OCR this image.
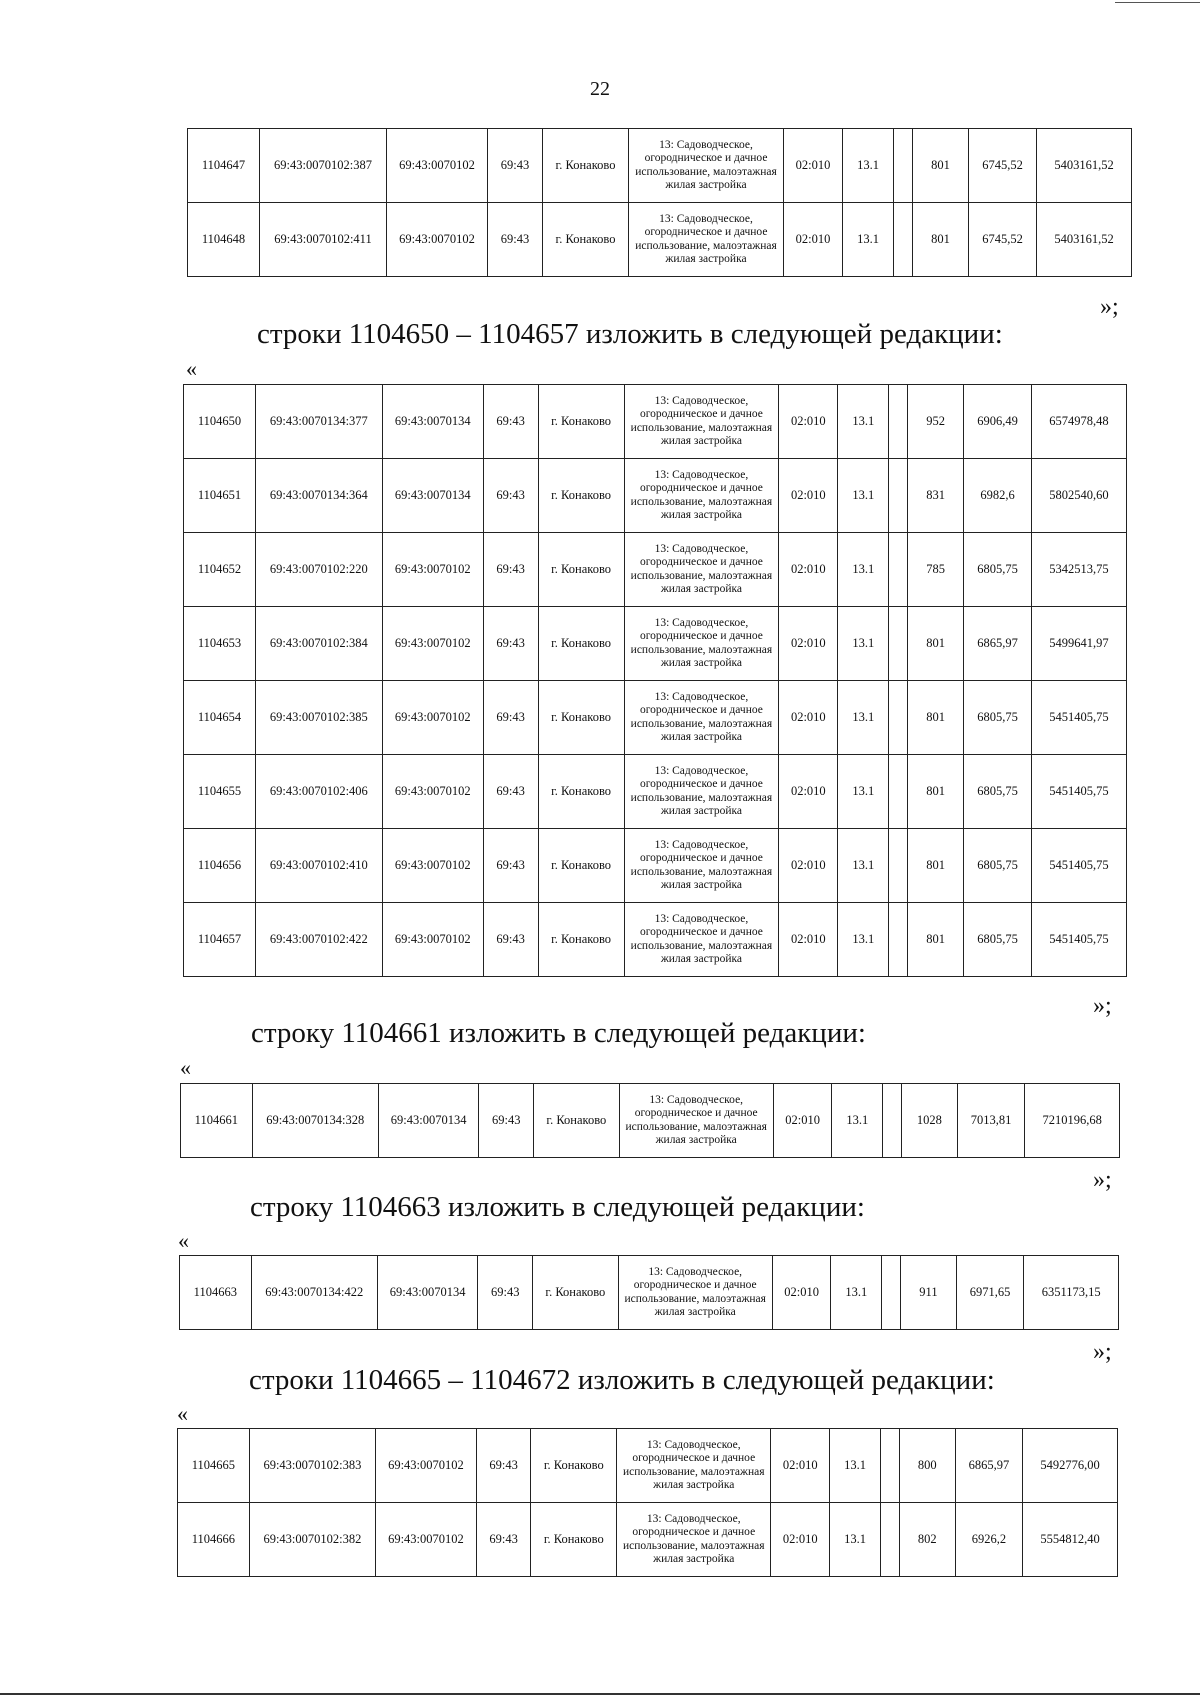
22
1104647	69:43:0070102:387	69:43:0070102	69:43	г. Конаково	13: Садоводческое, огородническое и дачное использование, малоэтажная жилая застройка	02:010	13.1		801	6745,52	5403161,52
1104648	69:43:0070102:411	69:43:0070102	69:43	г. Конаково	13: Садоводческое, огородническое и дачное использование, малоэтажная жилая застройка	02:010	13.1		801	6745,52	5403161,52
»;
строки 1104650 – 1104657 изложить в следующей редакции:
«
1104650	69:43:0070134:377	69:43:0070134	69:43	г. Конаково	13: Садоводческое, огородническое и дачное использование, малоэтажная жилая застройка	02:010	13.1		952	6906,49	6574978,48
1104651	69:43:0070134:364	69:43:0070134	69:43	г. Конаково	13: Садоводческое, огородническое и дачное использование, малоэтажная жилая застройка	02:010	13.1		831	6982,6	5802540,60
1104652	69:43:0070102:220	69:43:0070102	69:43	г. Конаково	13: Садоводческое, огородническое и дачное использование, малоэтажная жилая застройка	02:010	13.1		785	6805,75	5342513,75
1104653	69:43:0070102:384	69:43:0070102	69:43	г. Конаково	13: Садоводческое, огородническое и дачное использование, малоэтажная жилая застройка	02:010	13.1		801	6865,97	5499641,97
1104654	69:43:0070102:385	69:43:0070102	69:43	г. Конаково	13: Садоводческое, огородническое и дачное использование, малоэтажная жилая застройка	02:010	13.1		801	6805,75	5451405,75
1104655	69:43:0070102:406	69:43:0070102	69:43	г. Конаково	13: Садоводческое, огородническое и дачное использование, малоэтажная жилая застройка	02:010	13.1		801	6805,75	5451405,75
1104656	69:43:0070102:410	69:43:0070102	69:43	г. Конаково	13: Садоводческое, огородническое и дачное использование, малоэтажная жилая застройка	02:010	13.1		801	6805,75	5451405,75
1104657	69:43:0070102:422	69:43:0070102	69:43	г. Конаково	13: Садоводческое, огородническое и дачное использование, малоэтажная жилая застройка	02:010	13.1		801	6805,75	5451405,75
»;
строку 1104661 изложить в следующей редакции:
«
1104661	69:43:0070134:328	69:43:0070134	69:43	г. Конаково	13: Садоводческое, огородническое и дачное использование, малоэтажная жилая застройка	02:010	13.1		1028	7013,81	7210196,68
»;
строку 1104663 изложить в следующей редакции:
«
1104663	69:43:0070134:422	69:43:0070134	69:43	г. Конаково	13: Садоводческое, огородническое и дачное использование, малоэтажная жилая застройка	02:010	13.1		911	6971,65	6351173,15
»;
строки 1104665 – 1104672 изложить в следующей редакции:
«
1104665	69:43:0070102:383	69:43:0070102	69:43	г. Конаково	13: Садоводческое, огородническое и дачное использование, малоэтажная жилая застройка	02:010	13.1		800	6865,97	5492776,00
1104666	69:43:0070102:382	69:43:0070102	69:43	г. Конаково	13: Садоводческое, огородническое и дачное использование, малоэтажная жилая застройка	02:010	13.1		802	6926,2	5554812,40
